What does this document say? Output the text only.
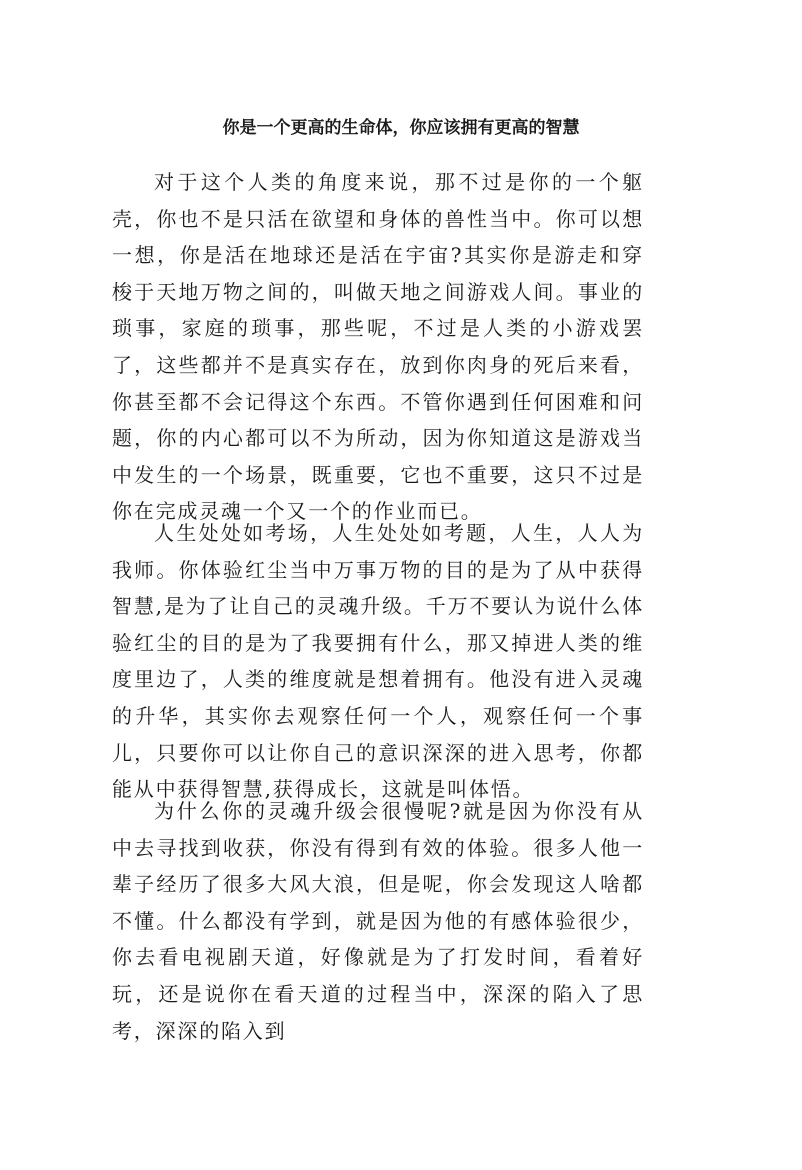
你是一个更高的生命体，你应该拥有更高的智慧

对于这个人类的角度来说，那不过是你的一个躯壳，你也不是只活在欲望和身体的兽性当中。你可以想一想，你是活在地球还是活在宇宙?其实你是游走和穿梭于天地万物之间的，叫做天地之间游戏人间。事业的琐事，家庭的琐事，那些呢，不过是人类的小游戏罢了，这些都并不是真实存在，放到你肉身的死后来看，你甚至都不会记得这个东西。不管你遇到任何困难和问题，你的内心都可以不为所动，因为你知道这是游戏当中发生的一个场景，既重要，它也不重要，这只不过是你在完成灵魂一个又一个的作业而已。

人生处处如考场，人生处处如考题，人生，人人为我师。你体验红尘当中万事万物的目的是为了从中获得智慧,是为了让自己的灵魂升级。千万不要认为说什么体验红尘的目的是为了我要拥有什么，那又掉进人类的维度里边了，人类的维度就是想着拥有。他没有进入灵魂的升华，其实你去观察任何一个人，观察任何一个事儿，只要你可以让你自己的意识深深的进入思考，你都能从中获得智慧,获得成长，这就是叫体悟。

为什么你的灵魂升级会很慢呢?就是因为你没有从中去寻找到收获，你没有得到有效的体验。很多人他一辈子经历了很多大风大浪，但是呢，你会发现这人啥都不懂。什么都没有学到，就是因为他的有感体验很少，你去看电视剧天道，好像就是为了打发时间，看着好玩，还是说你在看天道的过程当中，深深的陷入了思考，深深的陷入到
